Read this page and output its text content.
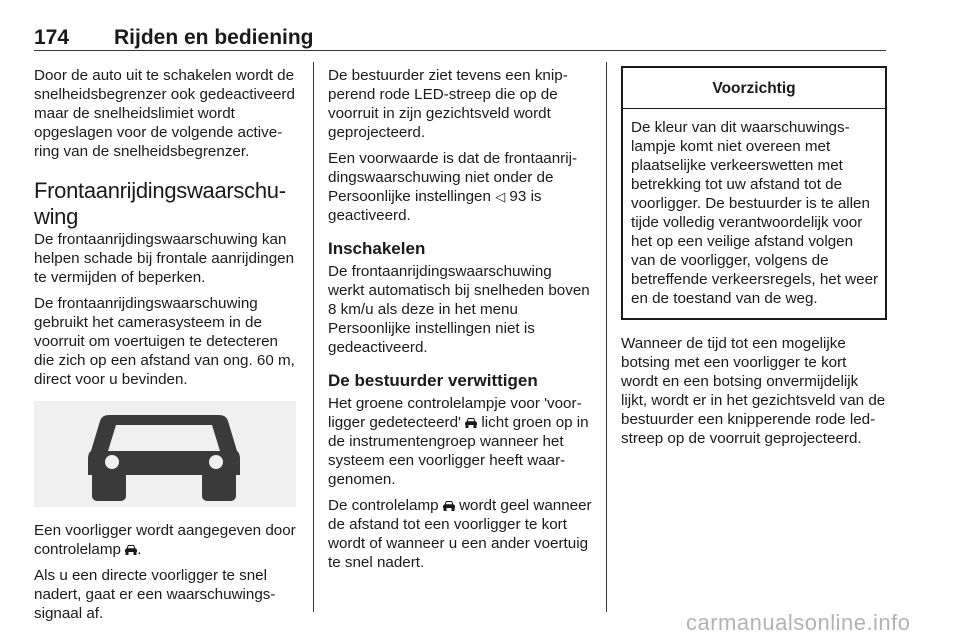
174 Rijden en bediening

Door de auto uit te schakelen wordt de snelheidsbegrenzer ook gedeactiveerd maar de snelheidslimiet wordt opgeslagen voor de volgende activering van de snelheidsbegrenzer.

Frontaanrijdingswaarschuwing

De frontaanrijdingswaarschuwing kan helpen schade bij frontale aanrijdingen te vermijden of beperken.

De frontaanrijdingswaarschuwing gebruikt het camerasysteem in de voorruit om voertuigen te detecteren die zich op een afstand van ong. 60 m, direct voor u bevinden.

Een voorligger wordt aangegeven door controlelamp .

Als u een directe voorligger te snel nadert, gaat er een waarschuwingssignaal af.

De bestuurder ziet tevens een knipperend rode LED-streep die op de voorruit in zijn gezichtsveld wordt geprojecteerd.

Een voorwaarde is dat de frontaanrijdingswaarschuwing niet onder de Persoonlijke instellingen ◁ 93 is geactiveerd.

Inschakelen

De frontaanrijdingswaarschuwing werkt automatisch bij snelheden boven 8 km/u als deze in het menu Persoonlijke instellingen niet is gedeactiveerd.

De bestuurder verwittigen

Het groene controlelampje voor 'voorligger gedetecteerd' licht groen op in de instrumentengroep wanneer het systeem een voorligger heeft waargenomen.

De controlelamp wordt geel wanneer de afstand tot een voorligger te kort wordt of wanneer u een ander voertuig te snel nadert.

Voorzichtig
De kleur van dit waarschuwingslampje komt niet overeen met plaatselijke verkeerswetten met betrekking tot uw afstand tot de voorligger. De bestuurder is te allen tijde volledig verantwoordelijk voor het op een veilige afstand volgen van de voorligger, volgens de betreffende verkeersregels, het weer en de toestand van de weg.

Wanneer de tijd tot een mogelijke botsing met een voorligger te kort wordt en een botsing onvermijdelijk lijkt, wordt er in het gezichtsveld van de bestuurder een knipperende rode led-streep op de voorruit geprojecteerd.

carmanualsonline.info
